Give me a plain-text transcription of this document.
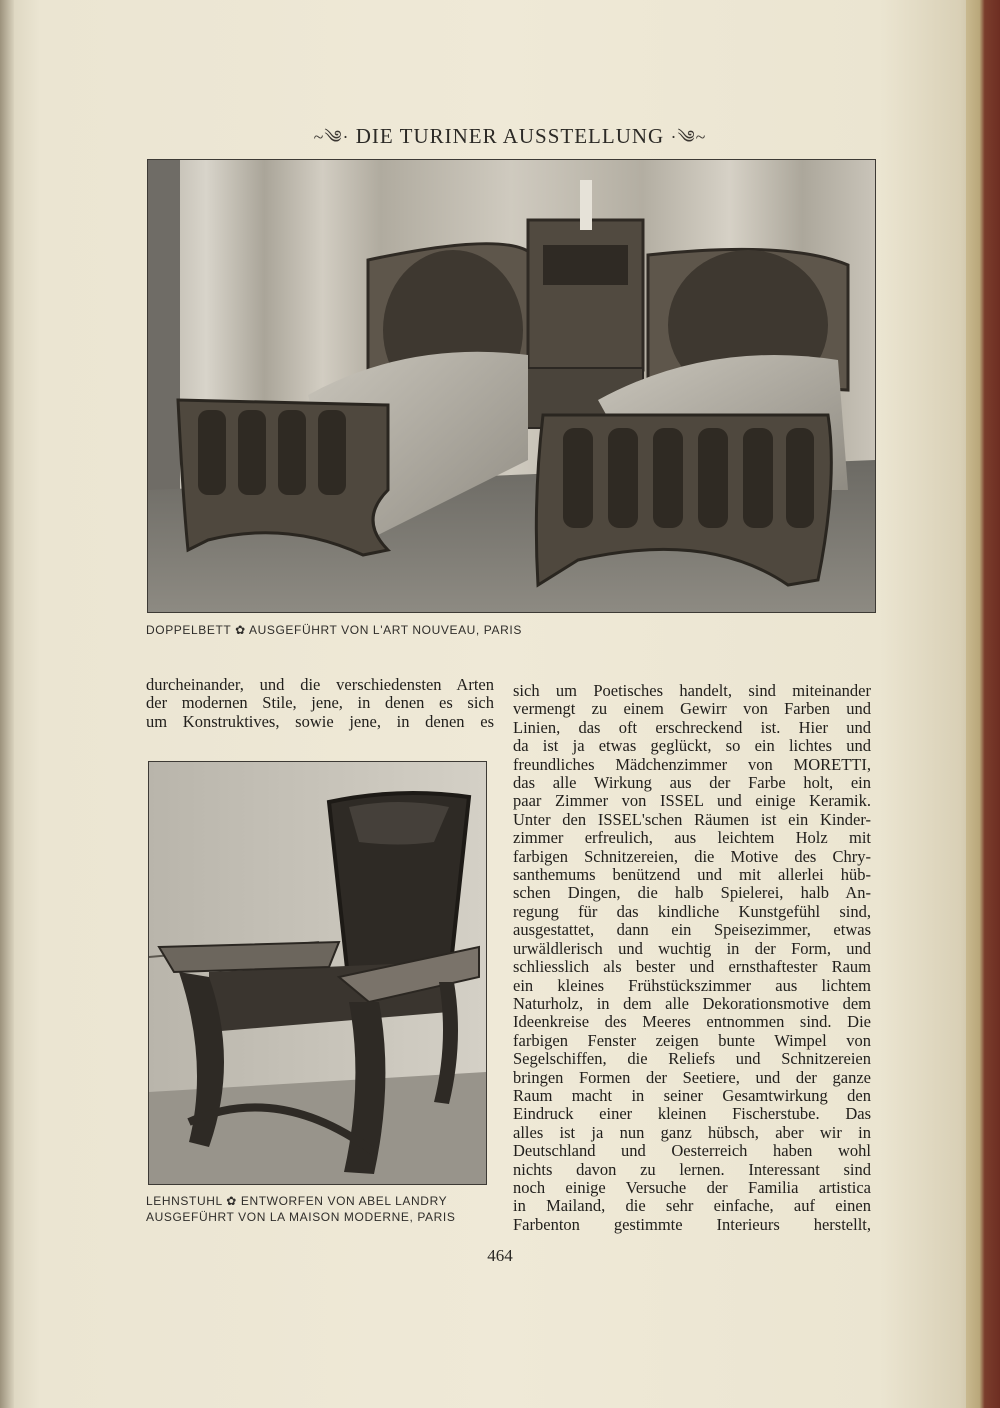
~༄· DIE TURINER AUSSTELLUNG ·༄~
DOPPELBETT ✿ AUSGEFÜHRT VON L'ART NOUVEAU, PARIS
durcheinander, und die verschiedensten Arten
der modernen Stile, jene, in denen es sich
um Konstruktives, sowie jene, in denen es
LEHNSTUHL ✿ ENTWORFEN VON ABEL LANDRY
AUSGEFÜHRT VON LA MAISON MODERNE, PARIS
sich um Poetisches handelt, sind miteinander
vermengt zu einem Gewirr von Farben und
Linien, das oft erschreckend ist. Hier und
da ist ja etwas geglückt, so ein lichtes und
freundliches Mädchenzimmer von MORETTI,
das alle Wirkung aus der Farbe holt, ein
paar Zimmer von ISSEL und einige Keramik.
Unter den ISSEL'schen Räumen ist ein Kinder-
zimmer erfreulich, aus leichtem Holz mit
farbigen Schnitzereien, die Motive des Chry-
santhemums benützend und mit allerlei hüb-
schen Dingen, die halb Spielerei, halb An-
regung für das kindliche Kunstgefühl sind,
ausgestattet, dann ein Speisezimmer, etwas
urwäldlerisch und wuchtig in der Form, und
schliesslich als bester und ernsthaftester Raum
ein kleines Frühstückszimmer aus lichtem
Naturholz, in dem alle Dekorationsmotive dem
Ideenkreise des Meeres entnommen sind. Die
farbigen Fenster zeigen bunte Wimpel von
Segelschiffen, die Reliefs und Schnitzereien
bringen Formen der Seetiere, und der ganze
Raum macht in seiner Gesamtwirkung den
Eindruck einer kleinen Fischerstube. Das
alles ist ja nun ganz hübsch, aber wir in
Deutschland und Oesterreich haben wohl
nichts davon zu lernen. Interessant sind
noch einige Versuche der Familia artistica
in Mailand, die sehr einfache, auf einen
Farbenton gestimmte Interieurs herstellt,
464
